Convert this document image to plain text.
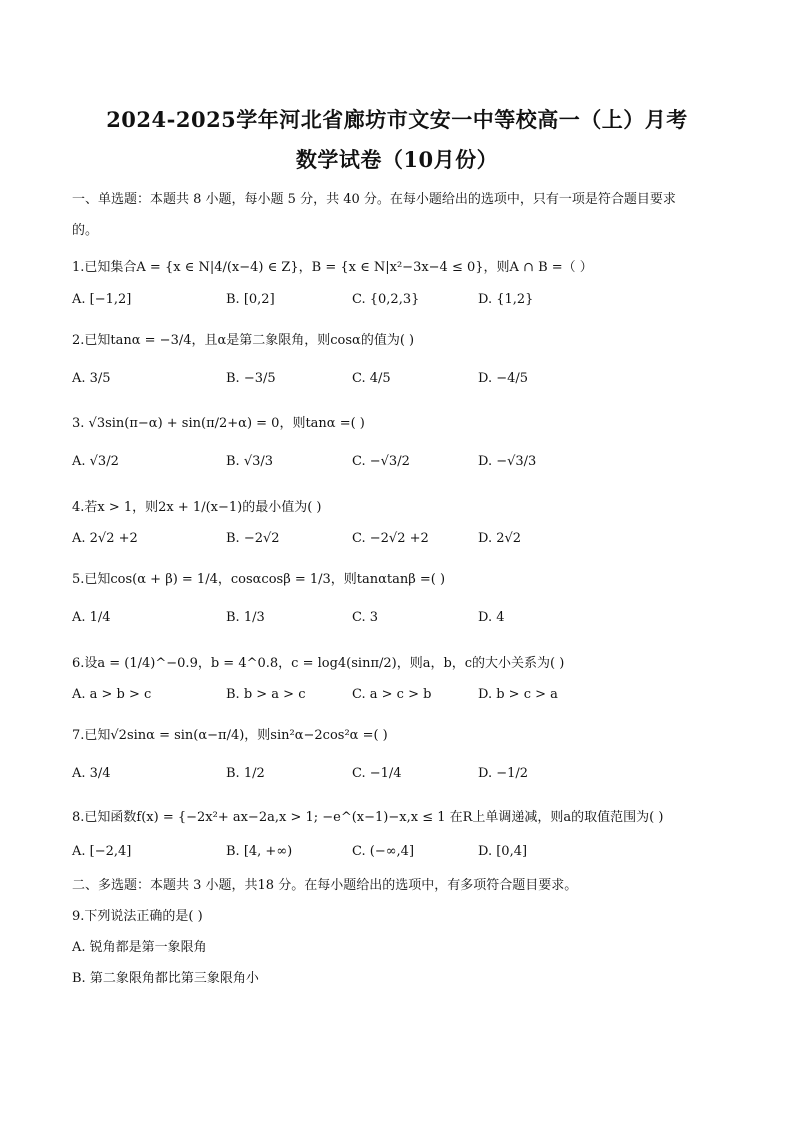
2024-2025学年河北省廊坊市文安一中等校高一（上）月考
数学试卷（10月份）
一、单选题：本题共 8 小题，每小题 5 分，共 40 分。在每小题给出的选项中，只有一项是符合题目要求
的。
1.已知集合A = {x ∈ N|4/(x−4) ∈ Z}，B = {x ∈ N|x²−3x−4 ≤ 0}，则A ∩ B =（ ）
A. [−1,2]	B. [0,2]	C. {0,2,3}	D. {1,2}
2.已知tanα = −3/4，且α是第二象限角，则cosα的值为( )
A. 3/5	B. −3/5	C. 4/5	D. −4/5
3. √3sin(π−α) + sin(π/2+α) = 0，则tanα =( )
A. √3/2	B. √3/3	C. −√3/2	D. −√3/3
4.若x > 1，则2x + 1/(x−1)的最小值为( )
A. 2√2 +2	B. −2√2	C. −2√2 +2	D. 2√2
5.已知cos(α + β) = 1/4，cosαcosβ = 1/3，则tanαtanβ =( )
A. 1/4	B. 1/3	C. 3	D. 4
6.设a = (1/4)^−0.9，b = 4^0.8，c = log4(sinπ/2)，则a，b，c的大小关系为( )
A. a > b > c	B. b > a > c	C. a > c > b	D. b > c > a
7.已知√2sinα = sin(α−π/4)，则sin²α−2cos²α =( )
A. 3/4	B. 1/2	C. −1/4	D. −1/2
8.已知函数f(x) = {−2x²+ ax−2a,x > 1; −e^(x−1)−x,x ≤ 1 在R上单调递减，则a的取值范围为( )
A. [−2,4]	B. [4, +∞)	C. (−∞,4]	D. [0,4]
二、多选题：本题共 3 小题，共18 分。在每小题给出的选项中，有多项符合题目要求。
9.下列说法正确的是( )
A. 锐角都是第一象限角
B. 第二象限角都比第三象限角小
